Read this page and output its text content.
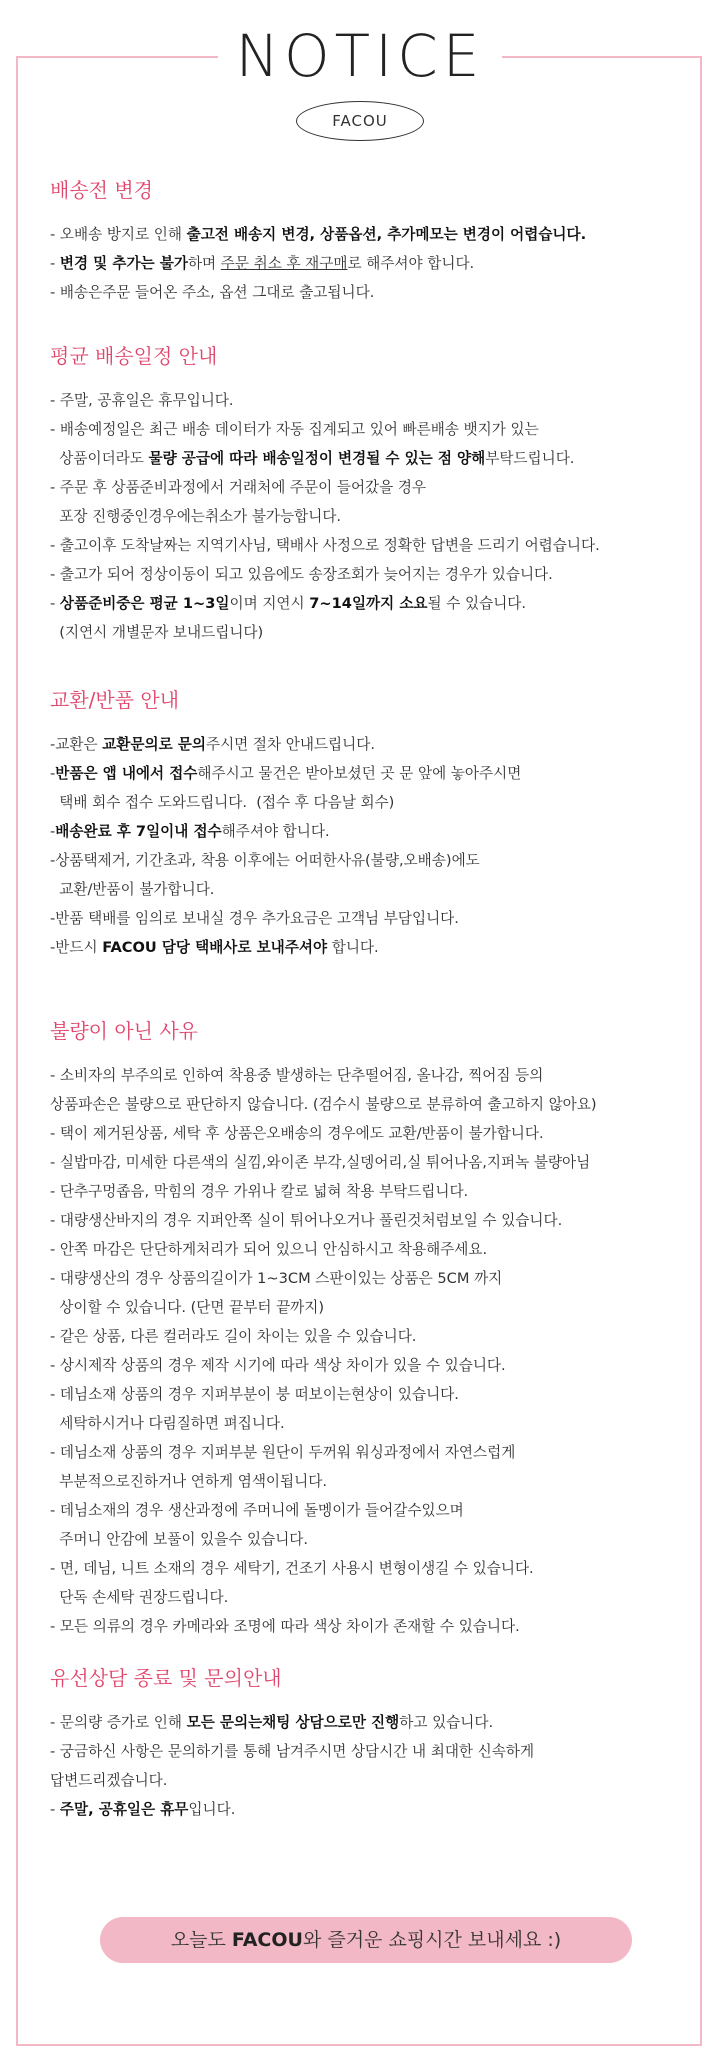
NOTICE
FACOU
배송전 변경
- 오배송 방지로 인해 출고전 배송지 변경, 상품옵션, 추가메모는 변경이 어렵습니다.
- 변경 및 추가는 불가하며 주문 취소 후 재구매로 해주셔야 합니다.
- 배송은주문 들어온 주소, 옵션 그대로 출고됩니다.
평균 배송일정 안내
- 주말, 공휴일은 휴무입니다.
- 배송예정일은 최근 배송 데이터가 자동 집계되고 있어 빠른배송 뱃지가 있는
상품이더라도 물량 공급에 따라 배송일정이 변경될 수 있는 점 양해부탁드립니다.
- 주문 후 상품준비과정에서 거래처에 주문이 들어갔을 경우
포장 진행중인경우에는취소가 불가능합니다.
- 출고이후 도착날짜는 지역기사님, 택배사 사정으로 정확한 답변을 드리기 어렵습니다.
- 출고가 되어 정상이동이 되고 있음에도 송장조회가 늦어지는 경우가 있습니다.
- 상품준비중은 평균 1~3일이며 지연시 7~14일까지 소요될 수 있습니다.
(지연시 개별문자 보내드립니다)
교환/반품 안내
-교환은 교환문의로 문의주시면 절차 안내드립니다.
-반품은 앱 내에서 접수해주시고 물건은 받아보셨던 곳 문 앞에 놓아주시면
택배 회수 접수 도와드립니다.  (접수 후 다음날 회수)
-배송완료 후 7일이내 접수해주셔야 합니다.
-상품택제거, 기간초과, 착용 이후에는 어떠한사유(불량,오배송)에도
교환/반품이 불가합니다.
-반품 택배를 임의로 보내실 경우 추가요금은 고객님 부담입니다.
-반드시 FACOU 담당 택배사로 보내주셔야 합니다.
불량이 아닌 사유
- 소비자의 부주의로 인하여 착용중 발생하는 단추떨어짐, 올나감, 찍어짐 등의
상품파손은 불량으로 판단하지 않습니다. (검수시 불량으로 분류하여 출고하지 않아요)
- 택이 제거된상품, 세탁 후 상품은오배송의 경우에도 교환/반품이 불가합니다.
- 실밥마감, 미세한 다른색의 실낌,와이존 부각,실뎅어리,실 튀어나옴,지퍼녹 불량아님
- 단추구멍좁음, 막힘의 경우 가위나 칼로 넓혀 착용 부탁드립니다.
- 대량생산바지의 경우 지퍼안쪽 실이 튀어나오거나 풀린것처럼보일 수 있습니다.
- 안쪽 마감은 단단하게처리가 되어 있으니 안심하시고 착용해주세요.
- 대량생산의 경우 상품의길이가 1~3CM 스판이있는 상품은 5CM 까지
상이할 수 있습니다. (단면 끝부터 끝까지)
- 같은 상품, 다른 컬러라도 길이 차이는 있을 수 있습니다.
- 상시제작 상품의 경우 제작 시기에 따라 색상 차이가 있을 수 있습니다.
- 데님소재 상품의 경우 지퍼부분이 붕 떠보이는현상이 있습니다.
세탁하시거나 다림질하면 펴집니다.
- 데님소재 상품의 경우 지퍼부분 원단이 두꺼워 워싱과정에서 자연스럽게
부분적으로진하거나 연하게 염색이됩니다.
- 데님소재의 경우 생산과정에 주머니에 돌멩이가 들어갈수있으며
주머니 안감에 보풀이 있을수 있습니다.
- 면, 데님, 니트 소재의 경우 세탁기, 건조기 사용시 변형이생길 수 있습니다.
단독 손세탁 권장드립니다.
- 모든 의류의 경우 카메라와 조명에 따라 색상 차이가 존재할 수 있습니다.
유선상담 종료 및 문의안내
- 문의량 증가로 인해 모든 문의는채팅 상담으로만 진행하고 있습니다.
- 궁금하신 사항은 문의하기를 통해 남겨주시면 상담시간 내 최대한 신속하게
답변드리겠습니다.
- 주말, 공휴일은 휴무입니다.
오늘도 FACOU와 즐거운 쇼핑시간 보내세요 :)
